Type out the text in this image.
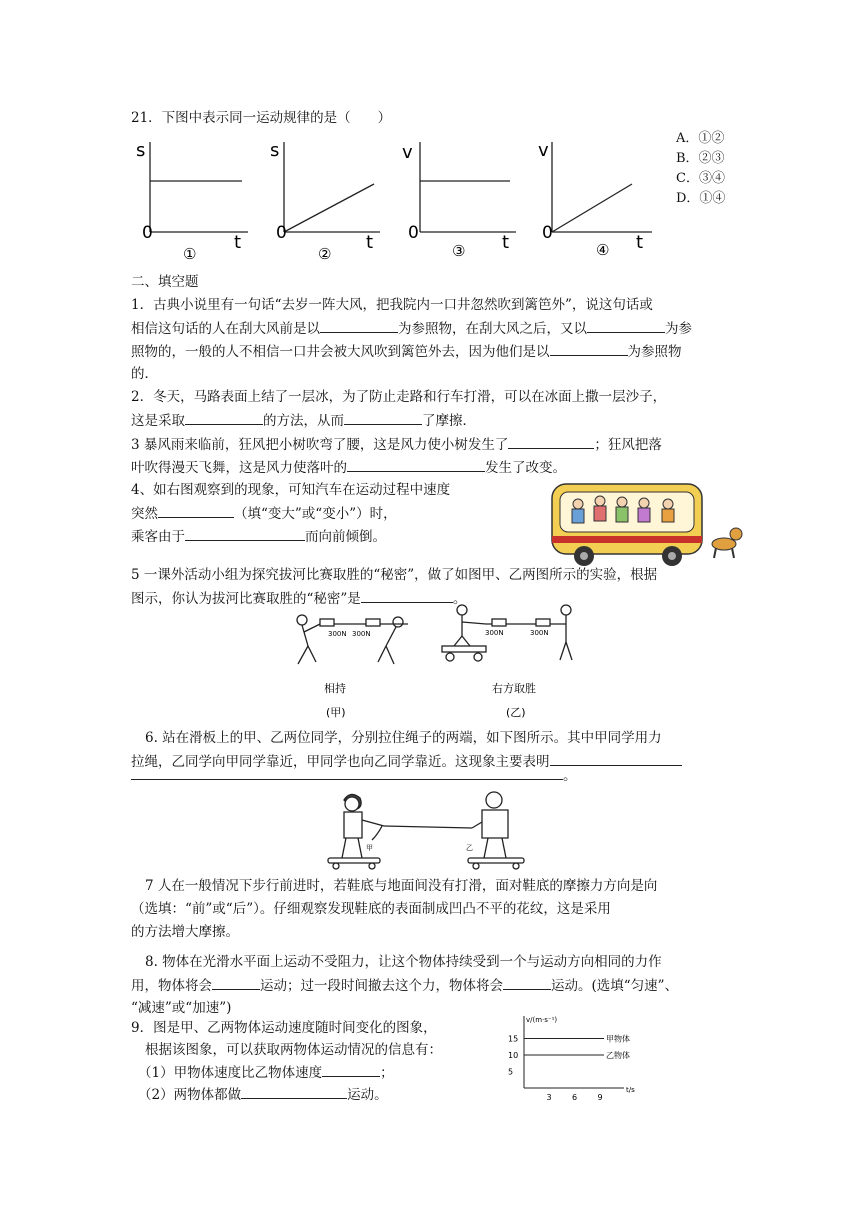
21．下图中表示同一运动规律的是（　　）
s
0	t
①
s
0	t
②
v
0	t
③
v
0	t
④
A．①②
B．②③
C．③④
D．①④
二、填空题
1．古典小说里有一句话“去岁一阵大风，把我院内一口井忽然吹到篱笆外”，说这句话或
相信这句话的人在刮大风前是以	为参照物，在刮大风之后，又以	为参
照物的，一般的人不相信一口井会被大风吹到篱笆外去，因为他们是以	为参照物
的．
2．冬天，马路表面上结了一层冰，为了防止走路和行车打滑，可以在冰面上撒一层沙子，
这是采取	的方法，从而	了摩擦．
3 暴风雨来临前，狂风把小树吹弯了腰，这是风力使小树发生了	；狂风把落
叶吹得漫天飞舞，这是风力使落叶的	发生了改变。
4、如右图观察到的现象，可知汽车在运动过程中速度
突然	（填“变大”或“变小”）时，
乘客由于	而向前倾倒。
5 一课外活动小组为探究拔河比赛取胜的“秘密”，做了如图甲、乙两图所示的实验，根据
图示，你认为拔河比赛取胜的“秘密”是	。
300N 300N	300N	300N
相持	右方取胜
(甲)	(乙)
6. 站在滑板上的甲、乙两位同学，分别拉住绳子的两端，如下图所示。其中甲同学用力
拉绳，乙同学向甲同学靠近，甲同学也向乙同学靠近。这现象主要表明
。
甲	乙
7 人在一般情况下步行前进时，若鞋底与地面间没有打滑，面对鞋底的摩擦力方向是向
（选填：“前”或“后”）。仔细观察发现鞋底的表面制成凹凸不平的花纹，这是采用
的方法增大摩擦。
8. 物体在光滑水平面上运动不受阻力，让这个物体持续受到一个与运动方向相同的力作
用，物体将会	运动；过一段时间撤去这个力，物体将会	运动。(选填“匀速”、
“减速”或“加速”)
9．图是甲、乙两物体运动速度随时间变化的图象，
根据该图象，可以获取两物体运动情况的信息有：
（1）甲物体速度比乙物体速度	；
（2）两物体都做	运动。
v/(m·s⁻¹)
t/s
15
10
5
3	6	9
甲物体
乙物体
